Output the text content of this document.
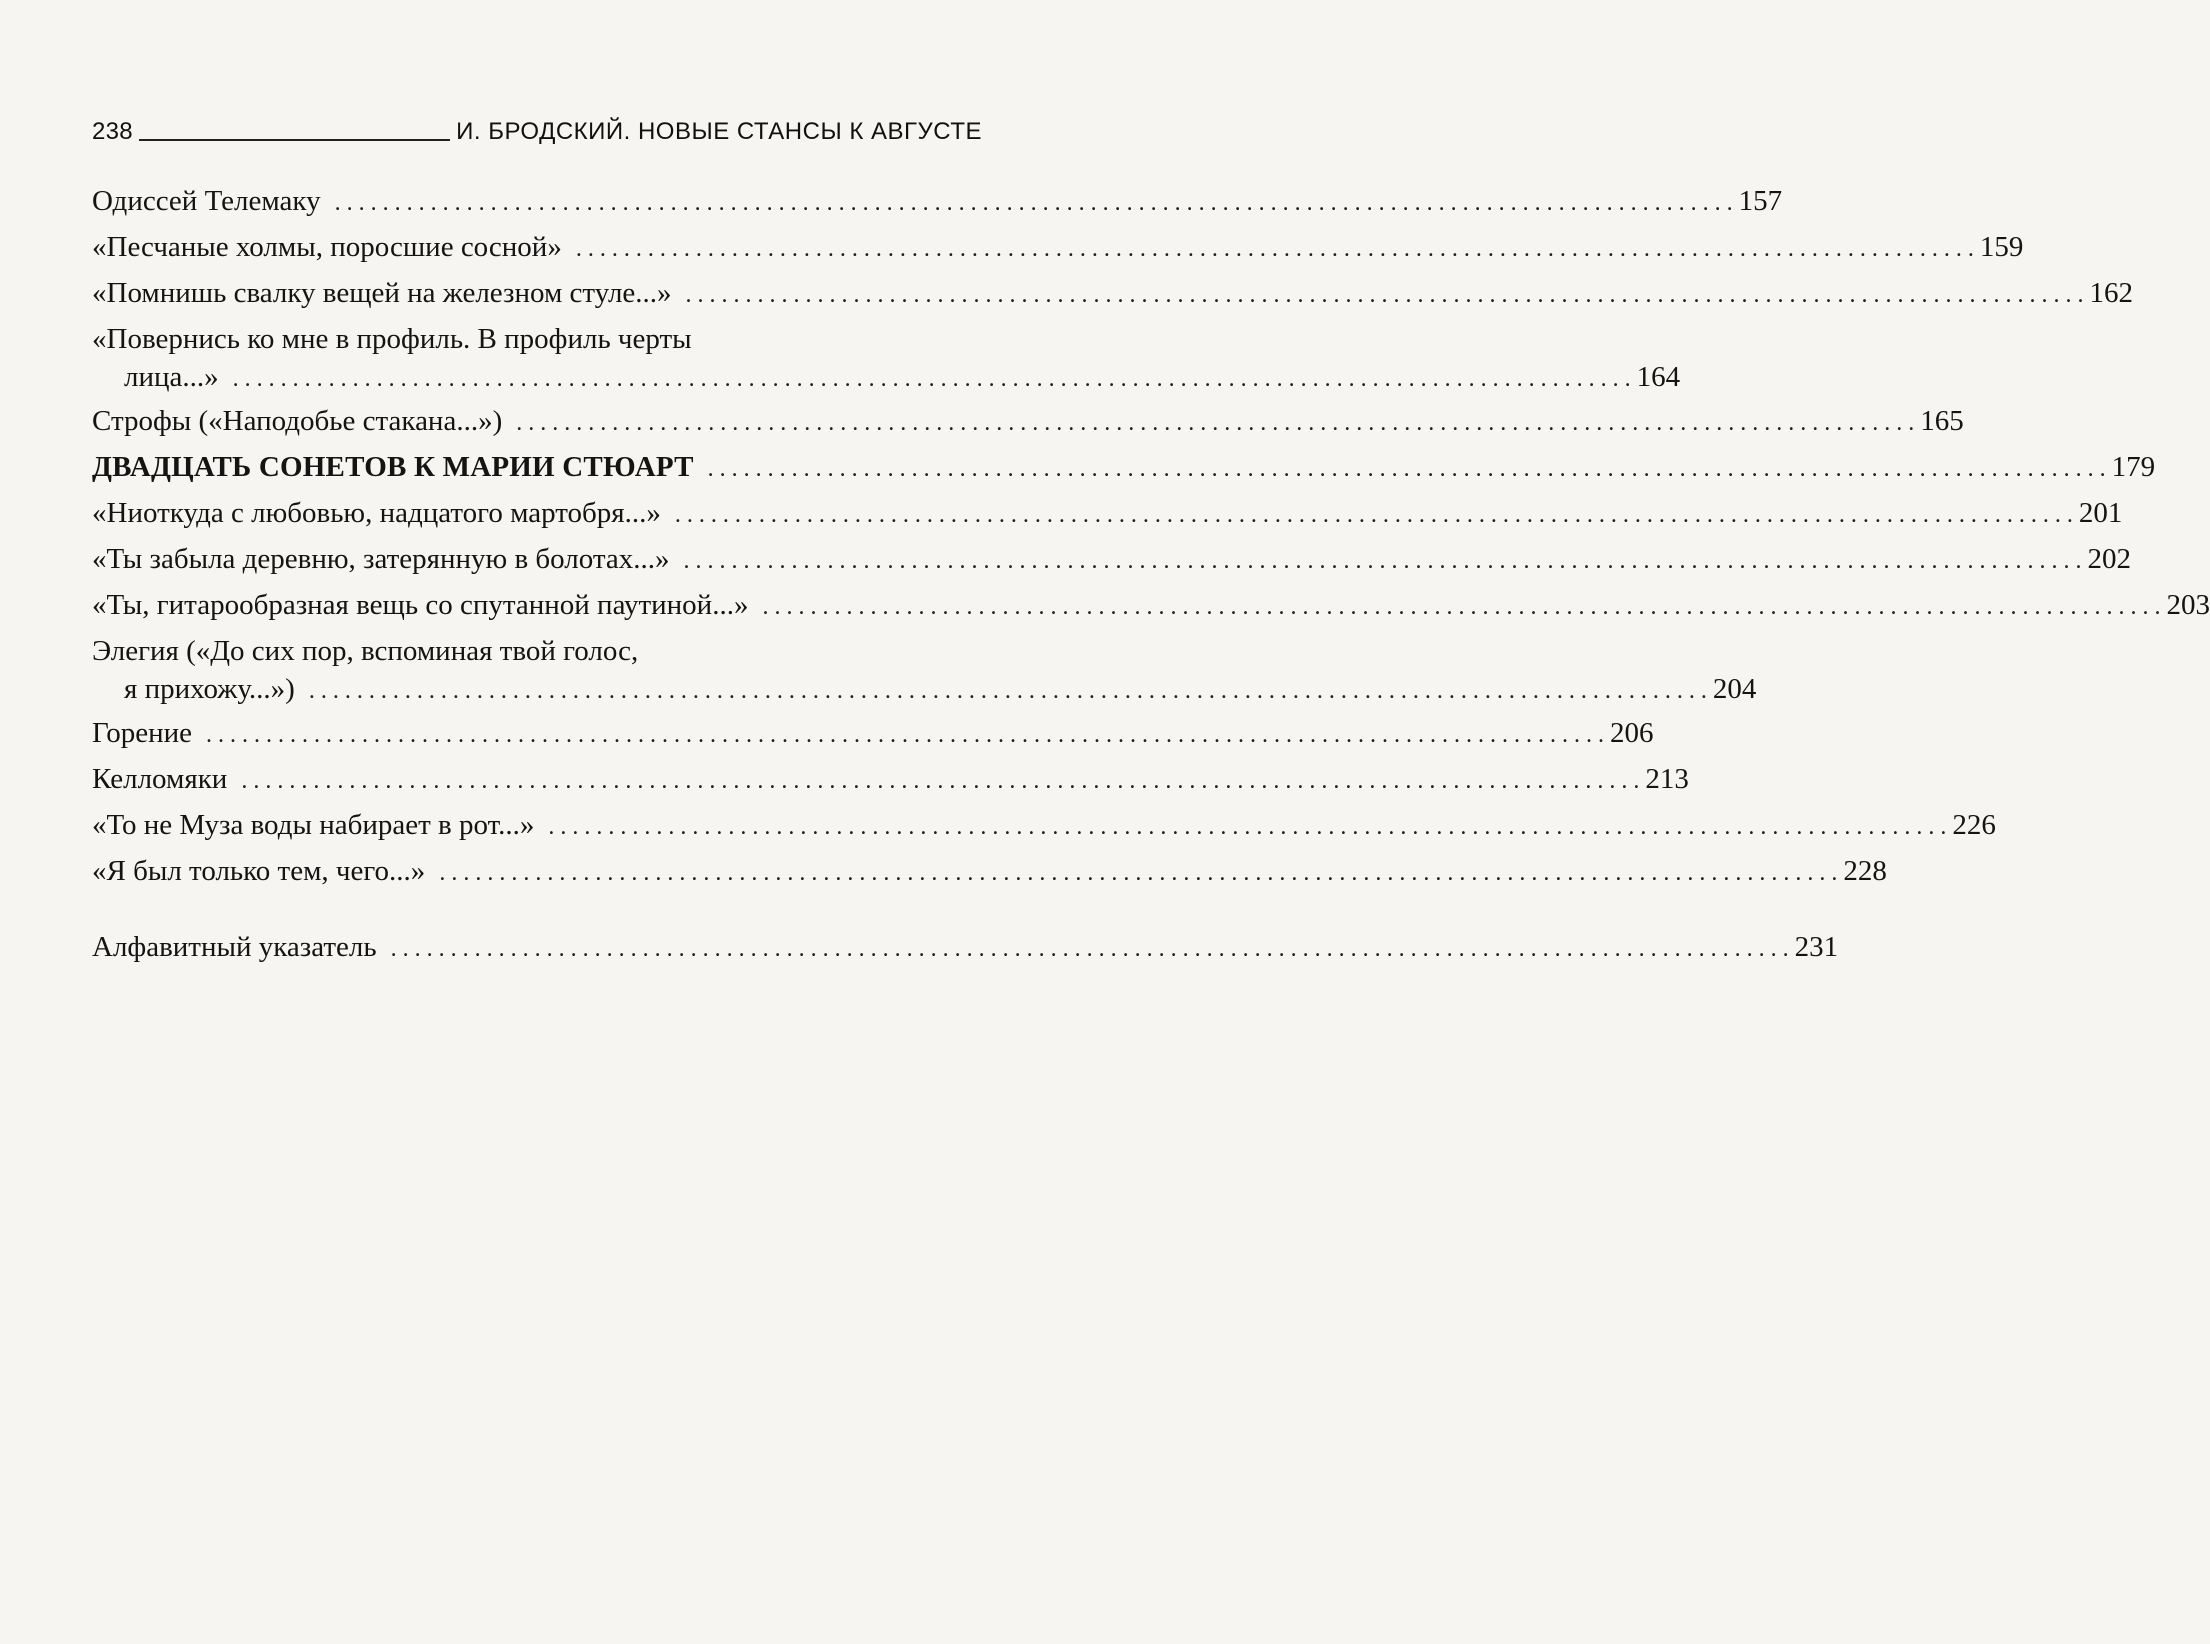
238	И. БРОДСКИЙ. НОВЫЕ СТАНСЫ К АВГУСТЕ
Одиссей Телемаку . . .	157
«Песчаные холмы, поросшие сосной» . . .	159
«Помнишь свалку вещей на железном стуле...» . . .	162
«Повернись ко мне в профиль. В профиль черты
лица...» . . .	164
Строфы («Наподобье стакана...») . . .	165
ДВАДЦАТЬ СОНЕТОВ К МАРИИ СТЮАРТ . . .	179
«Ниоткуда с любовью, надцатого мартобря...» . . .	201
«Ты забыла деревню, затерянную в болотах...» . . .	202
«Ты, гитарообразная вещь со спутанной паутиной...» . . .	203
Элегия («До сих пор, вспоминая твой голос,
я прихожу...») . . .	204
Горение . . .	206
Келломяки . . .	213
«То не Муза воды набирает в рот...» . . .	226
«Я был только тем, чего...» . . .	228
Алфавитный указатель . . .	231
